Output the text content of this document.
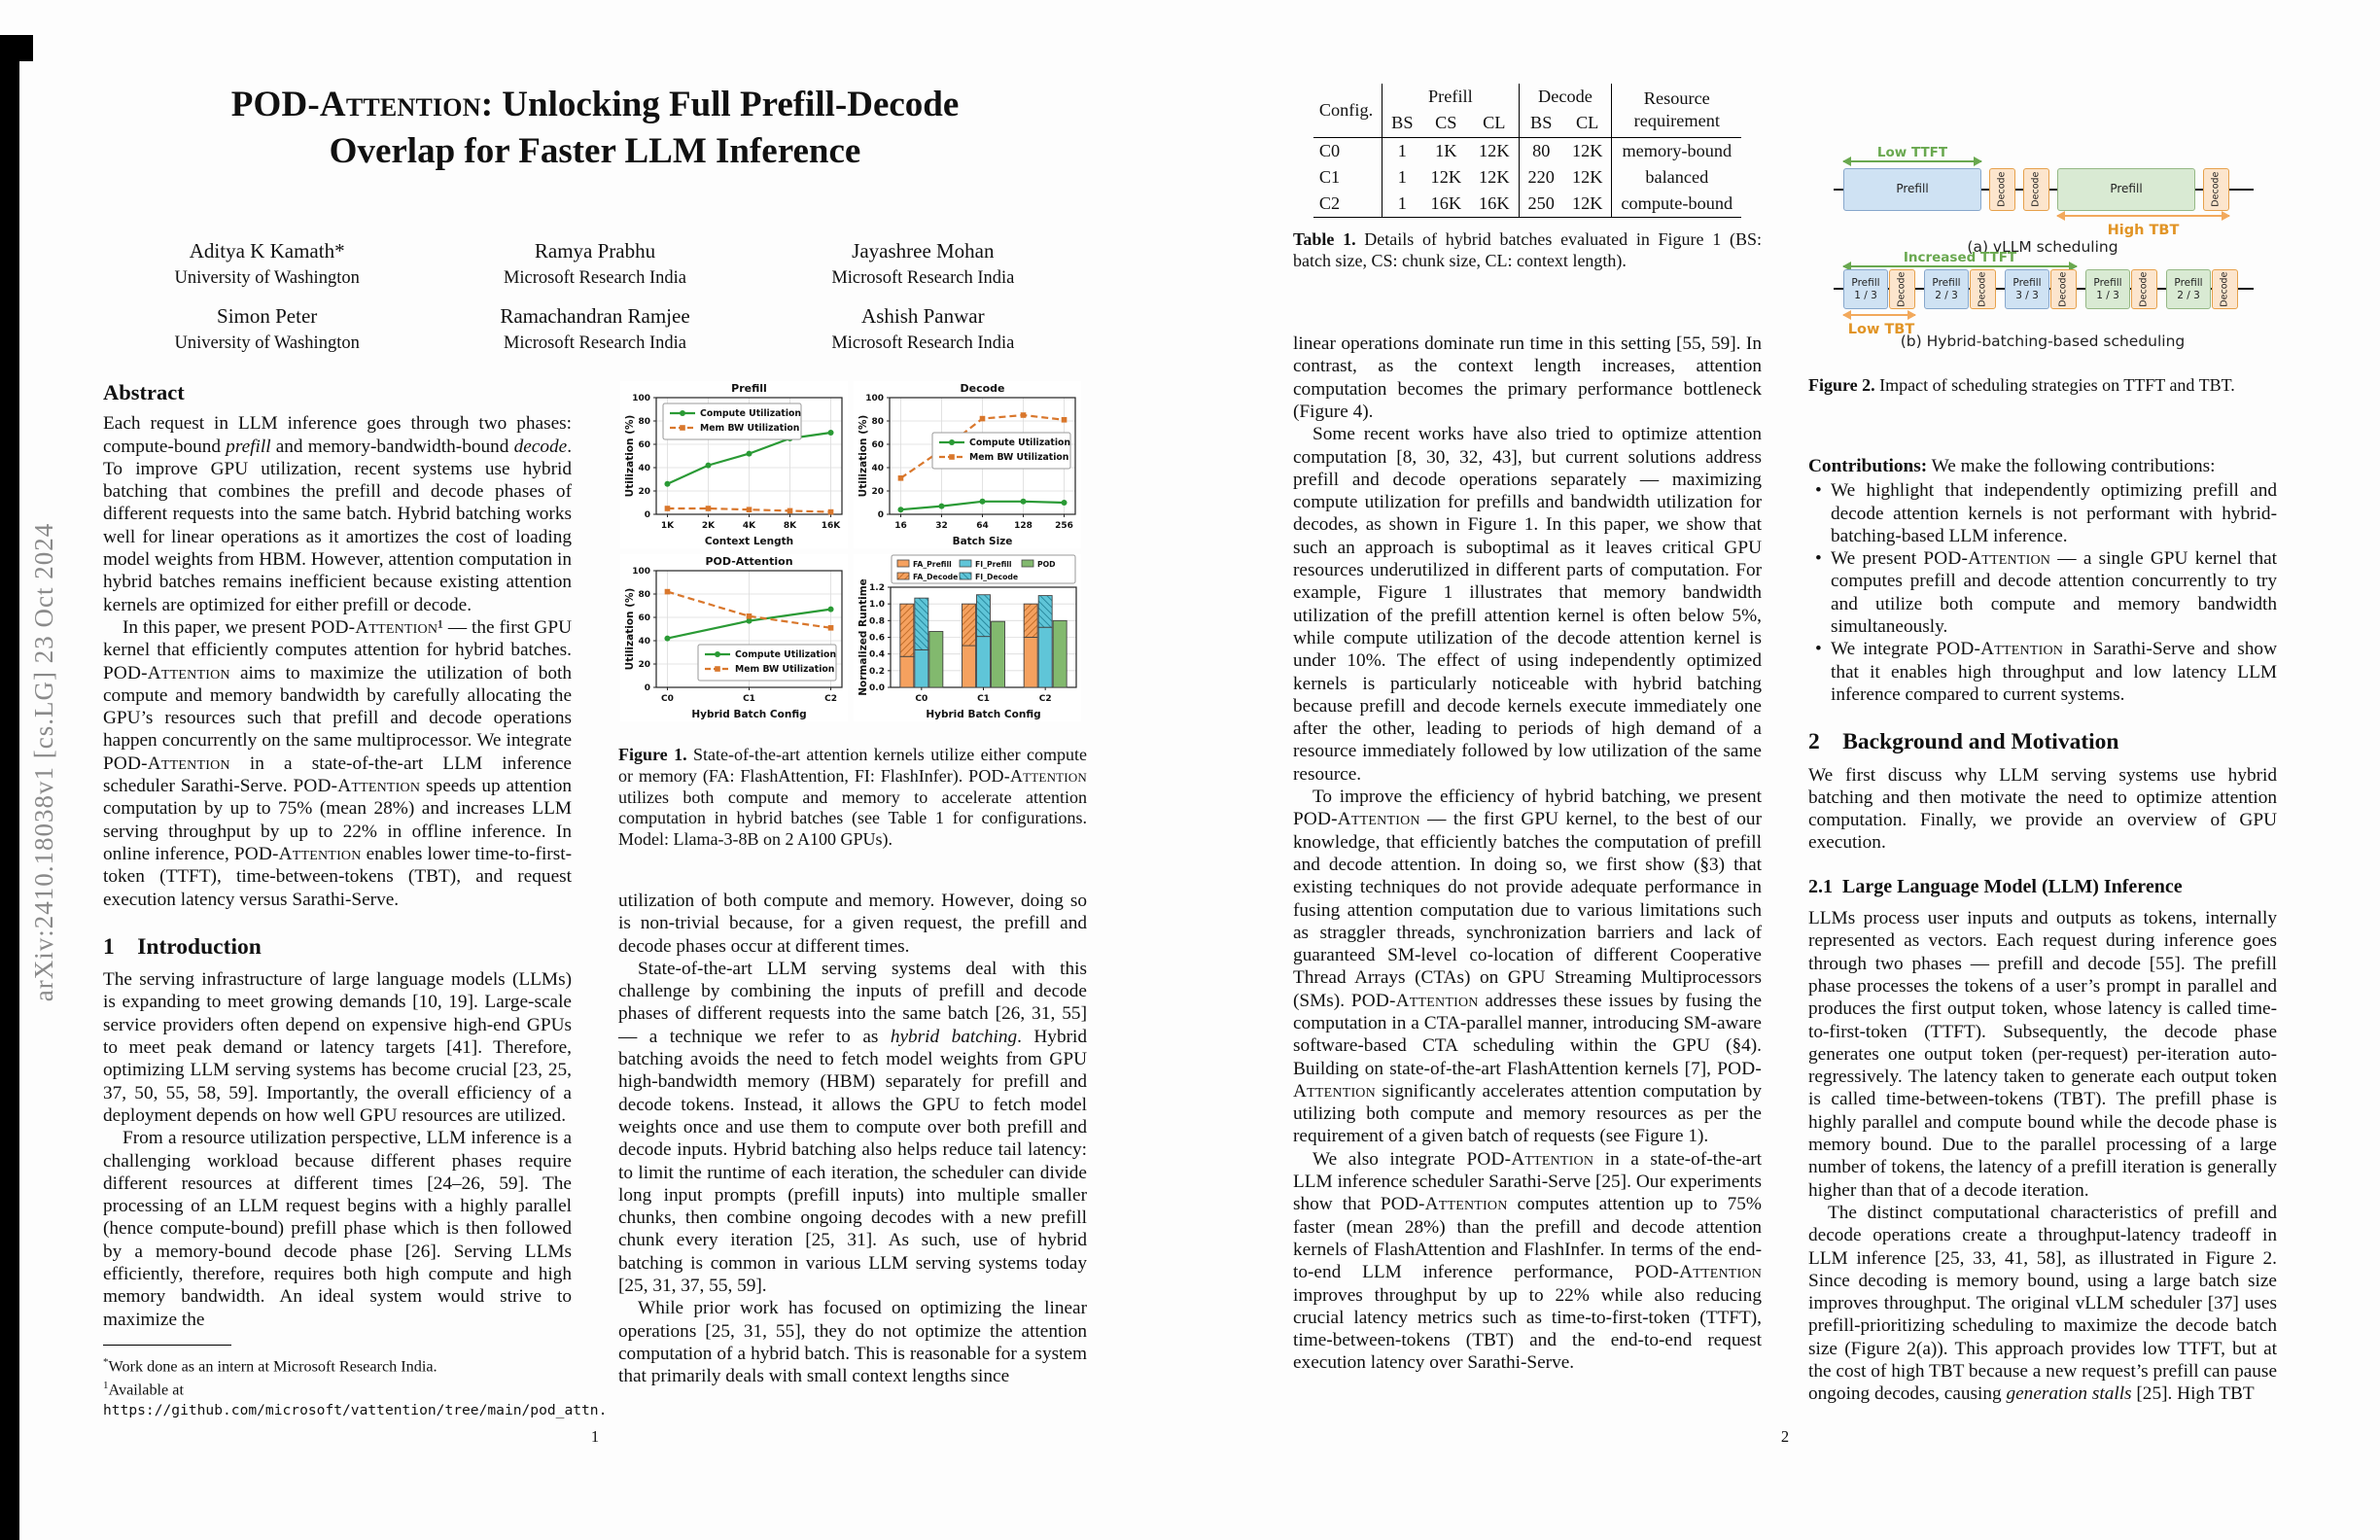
arXiv:2410.18038v1 [cs.LG] 23 Oct 2024
POD-Attention: Unlocking Full Prefill-Decode
Overlap for Faster LLM Inference
Aditya K Kamath*
University of Washington
Ramya Prabhu
Microsoft Research India
Jayashree Mohan
Microsoft Research India
Simon Peter
University of Washington
Ramachandran Ramjee
Microsoft Research India
Ashish Panwar
Microsoft Research India
Abstract

Each request in LLM inference goes through two phases: compute-bound prefill and memory-bandwidth-bound decode. To improve GPU utilization, recent systems use hybrid batching that combines the prefill and decode phases of different requests into the same batch. Hybrid batching works well for linear operations as it amortizes the cost of loading model weights from HBM. However, attention computation in hybrid batches remains inefficient because existing attention kernels are optimized for either prefill or decode.

In this paper, we present POD-Attention¹ — the first GPU kernel that efficiently computes attention for hybrid batches. POD-Attention aims to maximize the utilization of both compute and memory bandwidth by carefully allocating the GPU’s resources such that prefill and decode operations happen concurrently on the same multiprocessor. We integrate POD-Attention in a state-of-the-art LLM inference scheduler Sarathi-Serve. POD-Attention speeds up attention computation by up to 75% (mean 28%) and increases LLM serving throughput by up to 22% in offline inference. In online inference, POD-Attention enables lower time-to-first-token (TTFT), time-between-tokens (TBT), and request execution latency versus Sarathi-Serve.

1 Introduction

The serving infrastructure of large language models (LLMs) is expanding to meet growing demands [10, 19]. Large-scale service providers often depend on expensive high-end GPUs to meet peak demand or latency targets [41]. Therefore, optimizing LLM serving systems has become crucial [23, 25, 37, 50, 55, 58, 59]. Importantly, the overall efficiency of a deployment depends on how well GPU resources are utilized.

From a resource utilization perspective, LLM inference is a challenging workload because different phases require different resources at different times [24–26, 59]. The processing of an LLM request begins with a highly parallel (hence compute-bound) prefill phase which is then followed by a memory-bound decode phase [26]. Serving LLMs efficiently, therefore, requires both high compute and high memory bandwidth. An ideal system would strive to maximize the

*Work done as an intern at Microsoft Research India.

$^1$Available at https://github.com/microsoft/vattention/tree/main/pod_attn.

0
20
40
60
80
100
1K	2K	4K	8K	16K
Prefill
Context Length
Utilization (%)
Compute Utilization
Mem BW Utilization
0
20
40
60
80
100
16	32	64	128	256
Decode
Batch Size
Utilization (%)	Compute Utilization
Mem BW Utilization
0
20
40
60
80
100
C0	C1	C2
POD-Attention
Hybrid Batch Config
Utilization (%)	Compute Utilization
Mem BW Utilization
0.0
0.2
0.4
0.6
0.8
1.0
1.2
C0	C1	C2
Hybrid Batch Config
Normalized Runtime
FA_Prefill
FA_Decode
FI_Prefill
FI_Decode
POD
Figure 1. State-of-the-art attention kernels utilize either compute or memory (FA: FlashAttention, FI: FlashInfer). POD-Attention utilizes both compute and memory to accelerate attention computation in hybrid batches (see Table 1 for configurations. Model: Llama-3-8B on 2 A100 GPUs).

utilization of both compute and memory. However, doing so is non-trivial because, for a given request, the prefill and decode phases occur at different times.

State-of-the-art LLM serving systems deal with this challenge by combining the inputs of prefill and decode phases of different requests into the same batch [26, 31, 55] — a technique we refer to as hybrid batching. Hybrid batching avoids the need to fetch model weights from GPU high-bandwidth memory (HBM) separately for prefill and decode tokens. Instead, it allows the GPU to fetch model weights once and use them to compute over both prefill and decode inputs. Hybrid batching also helps reduce tail latency: to limit the runtime of each iteration, the scheduler can divide long input prompts (prefill inputs) into multiple smaller chunks, then combine ongoing decodes with a new prefill chunk every iteration [25, 31]. As such, use of hybrid batching is common in various LLM serving systems today [25, 31, 37, 55, 59].

While prior work has focused on optimizing the linear operations [25, 31, 55], they do not optimize the attention computation of a hybrid batch. This is reasonable for a system that primarily deals with small context lengths since

1
Config.	Prefill			Decode		Resource
requirement
	BS	CS	CL	BS	CL	
C0	1	1K	12K	80	12K	memory-bound
C1	1	12K	12K	220	12K	balanced
C2	1	16K	16K	250	12K	compute-bound
Table 1. Details of hybrid batches evaluated in Figure 1 (BS: batch size, CS: chunk size, CL: context length).

linear operations dominate run time in this setting [55, 59]. In contrast, as the context length increases, attention computation becomes the primary performance bottleneck (Figure 4).

Some recent works have also tried to optimize attention computation [8, 30, 32, 43], but current solutions address prefill and decode operations separately — maximizing compute utilization for prefills and bandwidth utilization for decodes, as shown in Figure 1. In this paper, we show that such an approach is suboptimal as it leaves critical GPU resources underutilized in different parts of computation. For example, Figure 1 illustrates that memory bandwidth utilization of the prefill attention kernel is often below 5%, while compute utilization of the decode attention kernel is under 10%. The effect of using independently optimized kernels is particularly noticeable with hybrid batching because prefill and decode kernels execute immediately one after the other, leading to periods of high demand of a resource immediately followed by low utilization of the same resource.

To improve the efficiency of hybrid batching, we present POD-Attention — the first GPU kernel, to the best of our knowledge, that efficiently batches the computation of prefill and decode attention. In doing so, we first show (§3) that existing techniques do not provide adequate performance in fusing attention computation due to various limitations such as straggler threads, synchronization barriers and lack of guaranteed SM-level co-location of different Cooperative Thread Arrays (CTAs) on GPU Streaming Multiprocessors (SMs). POD-Attention addresses these issues by fusing the computation in a CTA-parallel manner, introducing SM-aware software-based CTA scheduling within the GPU (§4). Building on state-of-the-art FlashAttention kernels [7], POD-Attention significantly accelerates attention computation by utilizing both compute and memory resources as per the requirement of a given batch of requests (see Figure 1).

We also integrate POD-Attention in a state-of-the-art LLM inference scheduler Sarathi-Serve [25]. Our experiments show that POD-Attention computes attention up to 75% faster (mean 28%) than the prefill and decode attention kernels of FlashAttention and FlashInfer. In terms of the end-to-end LLM inference performance, POD-Attention improves throughput by up to 22% while also reducing crucial latency metrics such as time-to-first-token (TTFT), time-between-tokens (TBT) and the end-to-end request execution latency over Sarathi-Serve.

Low TTFT
Prefill	Decode	Decode	Prefill	Decode
High TBT
(a) vLLM scheduling
Increased TTFT
Prefill
1 / 3	Decode	Prefill
2 / 3	Decode	Prefill
3 / 3	Decode	Prefill
1 / 3	Decode	Prefill
2 / 3	Decode
Low TBT
(b) Hybrid-batching-based scheduling
Figure 2. Impact of scheduling strategies on TTFT and TBT.

Contributions: We make the following contributions:

• We highlight that independently optimizing prefill and decode attention kernels is not performant with hybrid-batching-based LLM inference.
• We present POD-Attention — a single GPU kernel that computes prefill and decode attention concurrently to try and utilize both compute and memory bandwidth simultaneously.
• We integrate POD-Attention in Sarathi-Serve and show that it enables high throughput and low latency LLM inference compared to current systems.
2 Background and Motivation

We first discuss why LLM serving systems use hybrid batching and then motivate the need to optimize attention computation. Finally, we provide an overview of GPU execution.

2.1 Large Language Model (LLM) Inference

LLMs process user inputs and outputs as tokens, internally represented as vectors. Each request during inference goes through two phases — prefill and decode [55]. The prefill phase processes the tokens of a user’s prompt in parallel and produces the first output token, whose latency is called time-to-first-token (TTFT). Subsequently, the decode phase generates one output token (per-request) per-iteration auto-regressively. The latency taken to generate each output token is called time-between-tokens (TBT). The prefill phase is highly parallel and compute bound while the decode phase is memory bound. Due to the parallel processing of a large number of tokens, the latency of a prefill iteration is generally higher than that of a decode iteration.

The distinct computational characteristics of prefill and decode operations create a throughput-latency tradeoff in LLM inference [25, 33, 41, 58], as illustrated in Figure 2. Since decoding is memory bound, using a large batch size improves throughput. The original vLLM scheduler [37] uses prefill-prioritizing scheduling to maximize the decode batch size (Figure 2(a)). This approach provides low TTFT, but at the cost of high TBT because a new request’s prefill can pause ongoing decodes, causing generation stalls [25]. High TBT

2
